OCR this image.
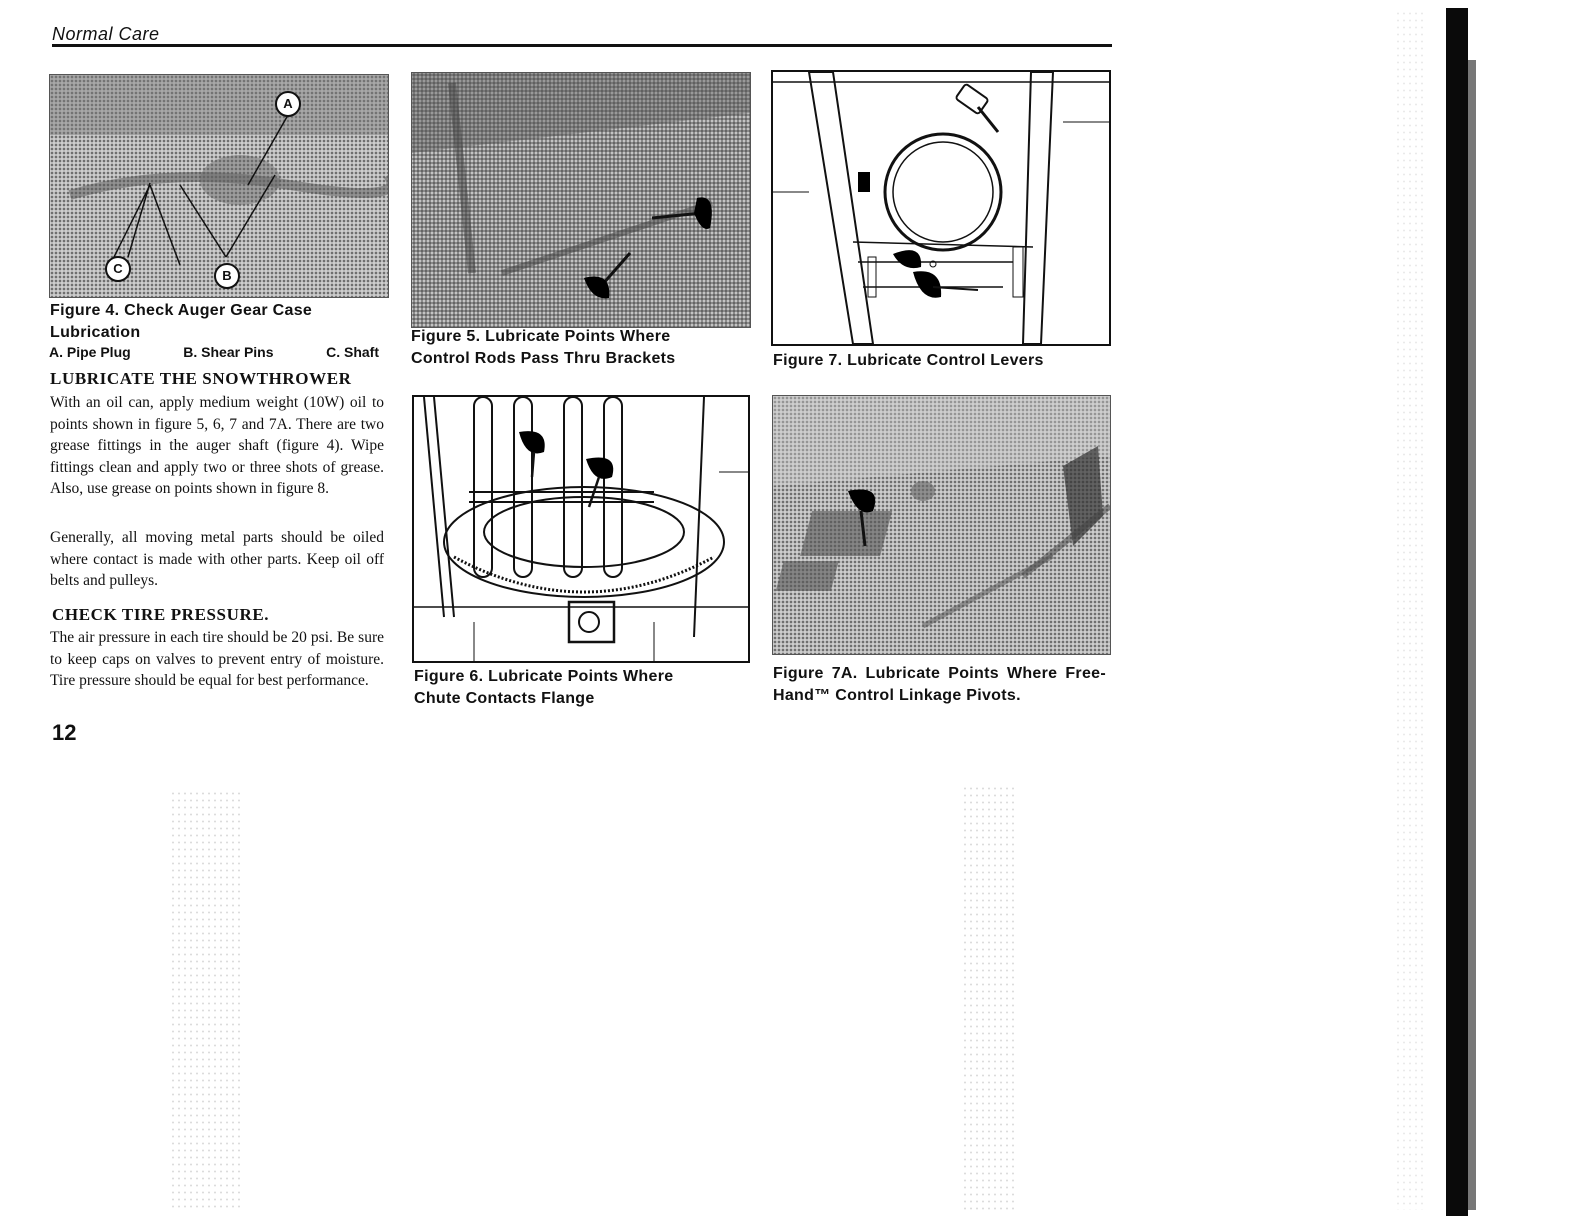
Normal Care
A
B
C
Figure 4. Check Auger Gear Case Lubrication
A. Pipe Plug	B. Shear Pins	C. Shaft
LUBRICATE THE SNOWTHROWER
With an oil can, apply medium weight (10W) oil to points shown in figure 5, 6, 7 and 7A. There are two grease fittings in the auger shaft (figure 4). Wipe fittings clean and apply two or three shots of grease. Also, use grease on points shown in figure 8.
Generally, all moving metal parts should be oiled where contact is made with other parts. Keep oil off belts and pulleys.
CHECK TIRE PRESSURE.
The air pressure in each tire should be 20 psi. Be sure to keep caps on valves to prevent entry of moisture. Tire pressure should be equal for best performance.
12
Figure 5. Lubricate Points Where Control Rods Pass Thru Brackets	Figure 7. Lubricate Control Levers
Figure 6. Lubricate Points Where Chute Contacts Flange
Figure 7A. Lubricate Points Where Free-Hand™ Control Linkage Pivots.
